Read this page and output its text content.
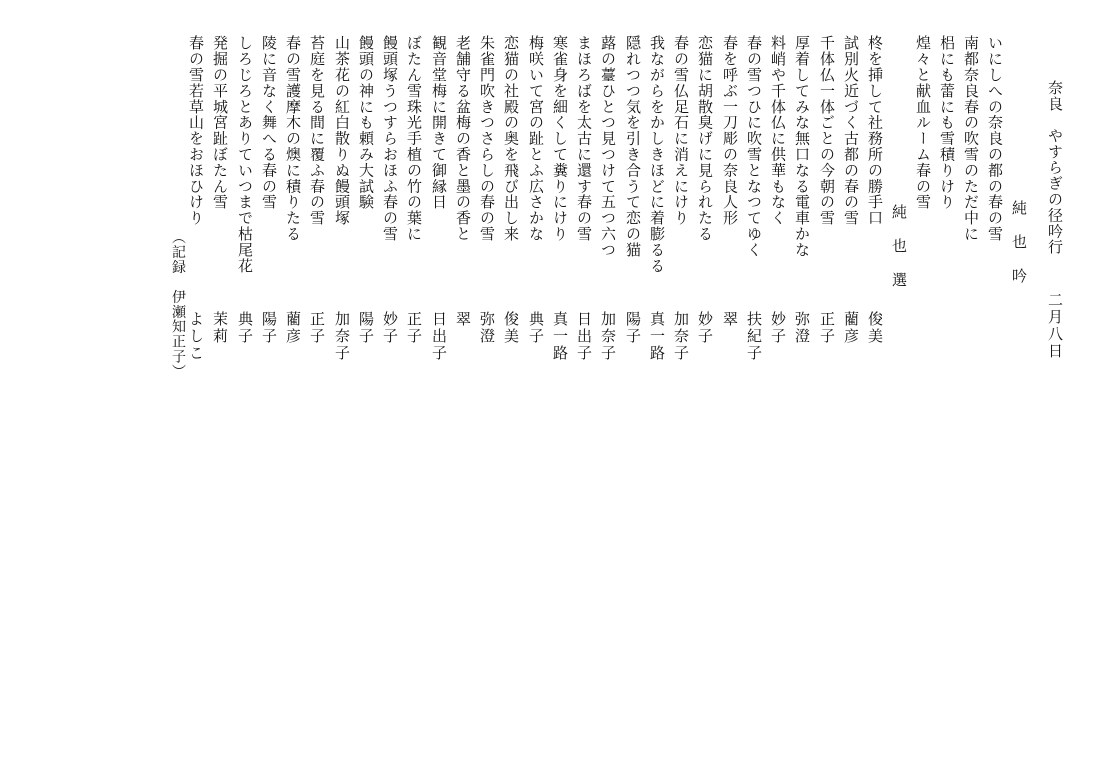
奈良　やすらぎの径吟行

二月八日

純　也　吟

いにしへの奈良の都の春の雪

南都奈良春の吹雪のただ中に

梠にも蕾にも雪積りけり

煌々と献血ルーム春の雪

純　也　選

柊を挿して社務所の勝手口

俊美

試別火近づく古都の春の雪

藺彦

千体仏一体ごとの今朝の雪

正子

厚着してみな無口なる電車かな

弥澄

料峭や千体仏に供華もなく

妙子

春の雪つひに吹雪となつてゆく

扶紀子

春を呼ぶ一刀彫の奈良人形

翠

恋猫に胡散臭げに見られたる

妙子

春の雪仏足石に消えにけり

加奈子

我ながらをかしきほどに着膨るる

真一路

隠れつつ気を引き合うて恋の猫

陽子

蕗の薹ひとつ見つけて五つ六つ

加奈子

まほろばを太古に還す春の雪

日出子

寒雀身を細くして糞りにけり

真一路

梅咲いて宮の趾とふ広さかな

典子

恋猫の社殿の奥を飛び出し来

俊美

朱雀門吹きつさらしの春の雪

弥澄

老舗守る盆梅の香と墨の香と

翠

観音堂梅に開きて御縁日

日出子

ぼたん雪珠光手植の竹の葉に

正子

饅頭塚うつすらおほふ春の雪

妙子

饅頭の神にも頼み大試験

陽子

山茶花の紅白散りぬ饅頭塚

加奈子

苔庭を見る間に覆ふ春の雪

正子

春の雪護摩木の燠に積りたる

藺彦

陵に音なく舞へる春の雪

陽子

しろじろとありていつまで枯尾花

典子

発掘の平城宮趾ぼたん雪

茉莉

春の雪若草山をおほひけり

よしこ

（記録　伊瀬知正子）
